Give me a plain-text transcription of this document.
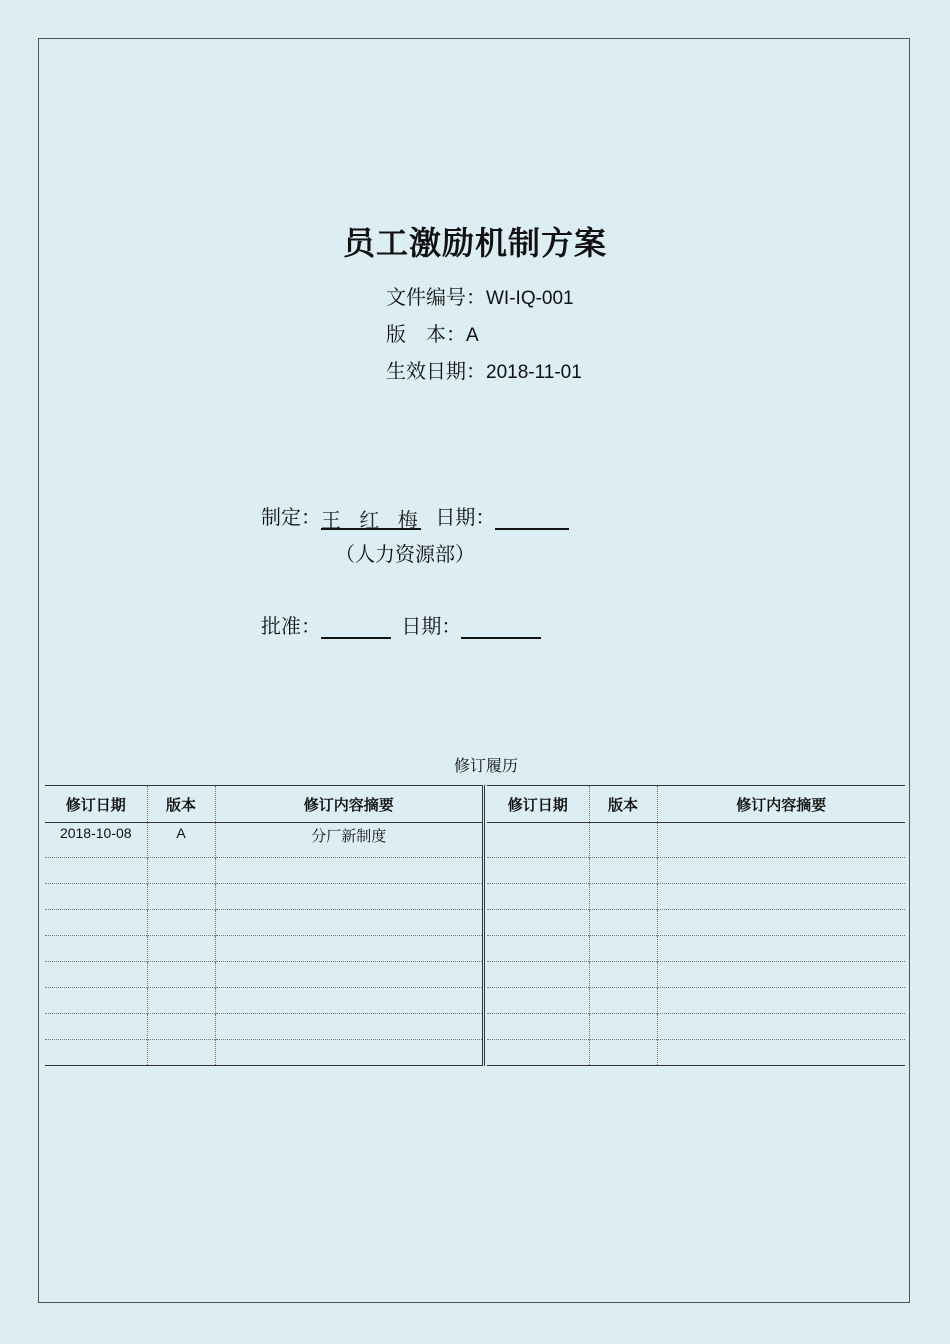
员工激励机制方案
文件编号：WI-IQ-001
版　本：A
生效日期：2018-11-01
制定：王 红 梅 日期：
（人力资源部）
批准：	日期：
修订履历
修订日期	版本	修订内容摘要
2018-10-08	A	分厂新制度

修订日期	版本	修订内容摘要
